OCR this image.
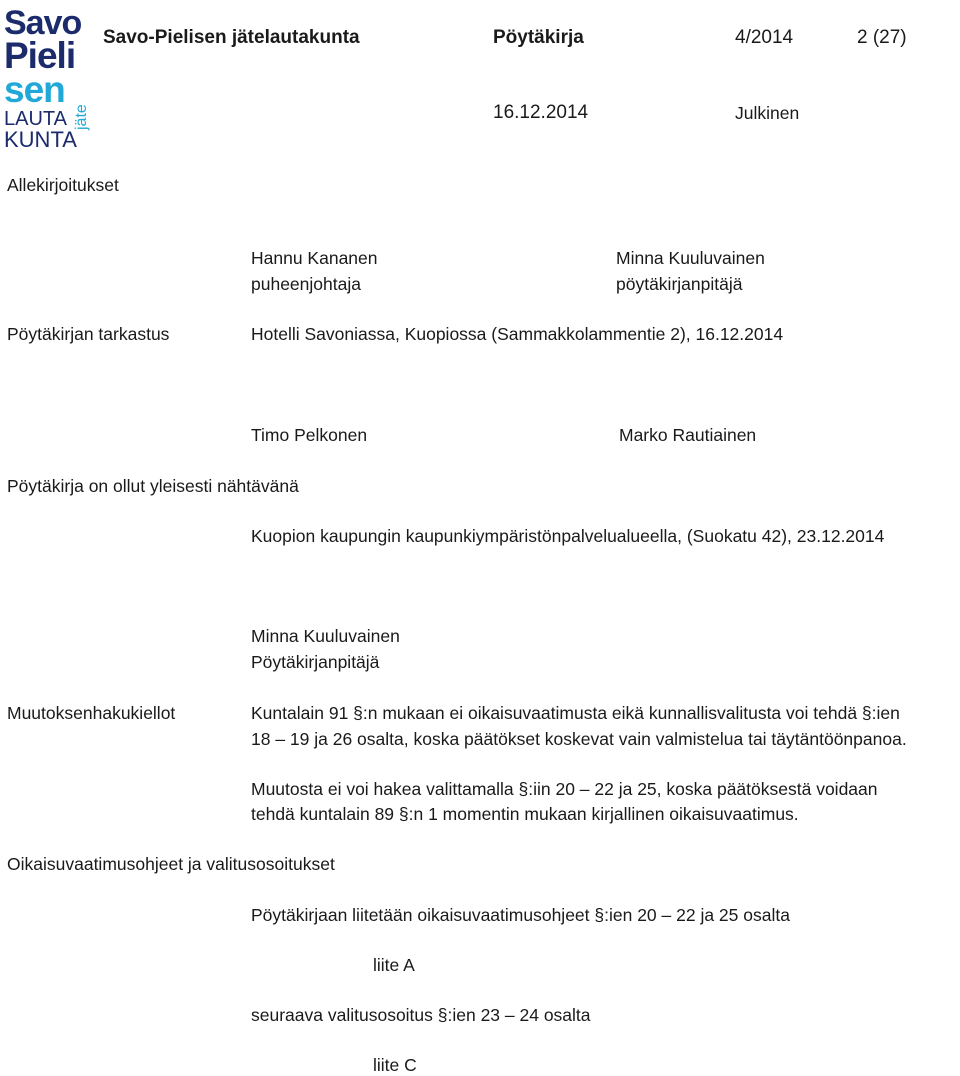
Savo
Pieli
sen
LAUTA
KUNTA
jäte
Savo-Pielisen jätelautakunta	Pöytäkirja	4/2014	2 (27)
16.12.2014	Julkinen
Allekirjoitukset
Hannu Kananen
puheenjohtaja
Minna Kuuluvainen
pöytäkirjanpitäjä
Pöytäkirjan tarkastus	Hotelli Savoniassa, Kuopiossa (Sammakkolammentie 2), 16.12.2014
Timo Pelkonen	Marko Rautiainen
Pöytäkirja on ollut yleisesti nähtävänä
Kuopion kaupungin kaupunkiympäristönpalvelualueella, (Suokatu 42), 23.12.2014
Minna Kuuluvainen
Pöytäkirjanpitäjä
Muutoksenhakukiellot	Kuntalain 91 §:n mukaan ei oikaisuvaatimusta eikä kunnallisvalitusta voi tehdä §:ien
18 – 19 ja 26 osalta, koska päätökset koskevat vain valmistelua tai täytäntöönpanoa.
Muutosta ei voi hakea valittamalla §:iin 20 – 22 ja 25, koska päätöksestä voidaan
tehdä kuntalain 89 §:n 1 momentin mukaan kirjallinen oikaisuvaatimus.
Oikaisuvaatimusohjeet ja valitusosoitukset
Pöytäkirjaan liitetään oikaisuvaatimusohjeet §:ien 20 – 22 ja 25 osalta
liite A
seuraava valitusosoitus §:ien 23 – 24 osalta
liite C
